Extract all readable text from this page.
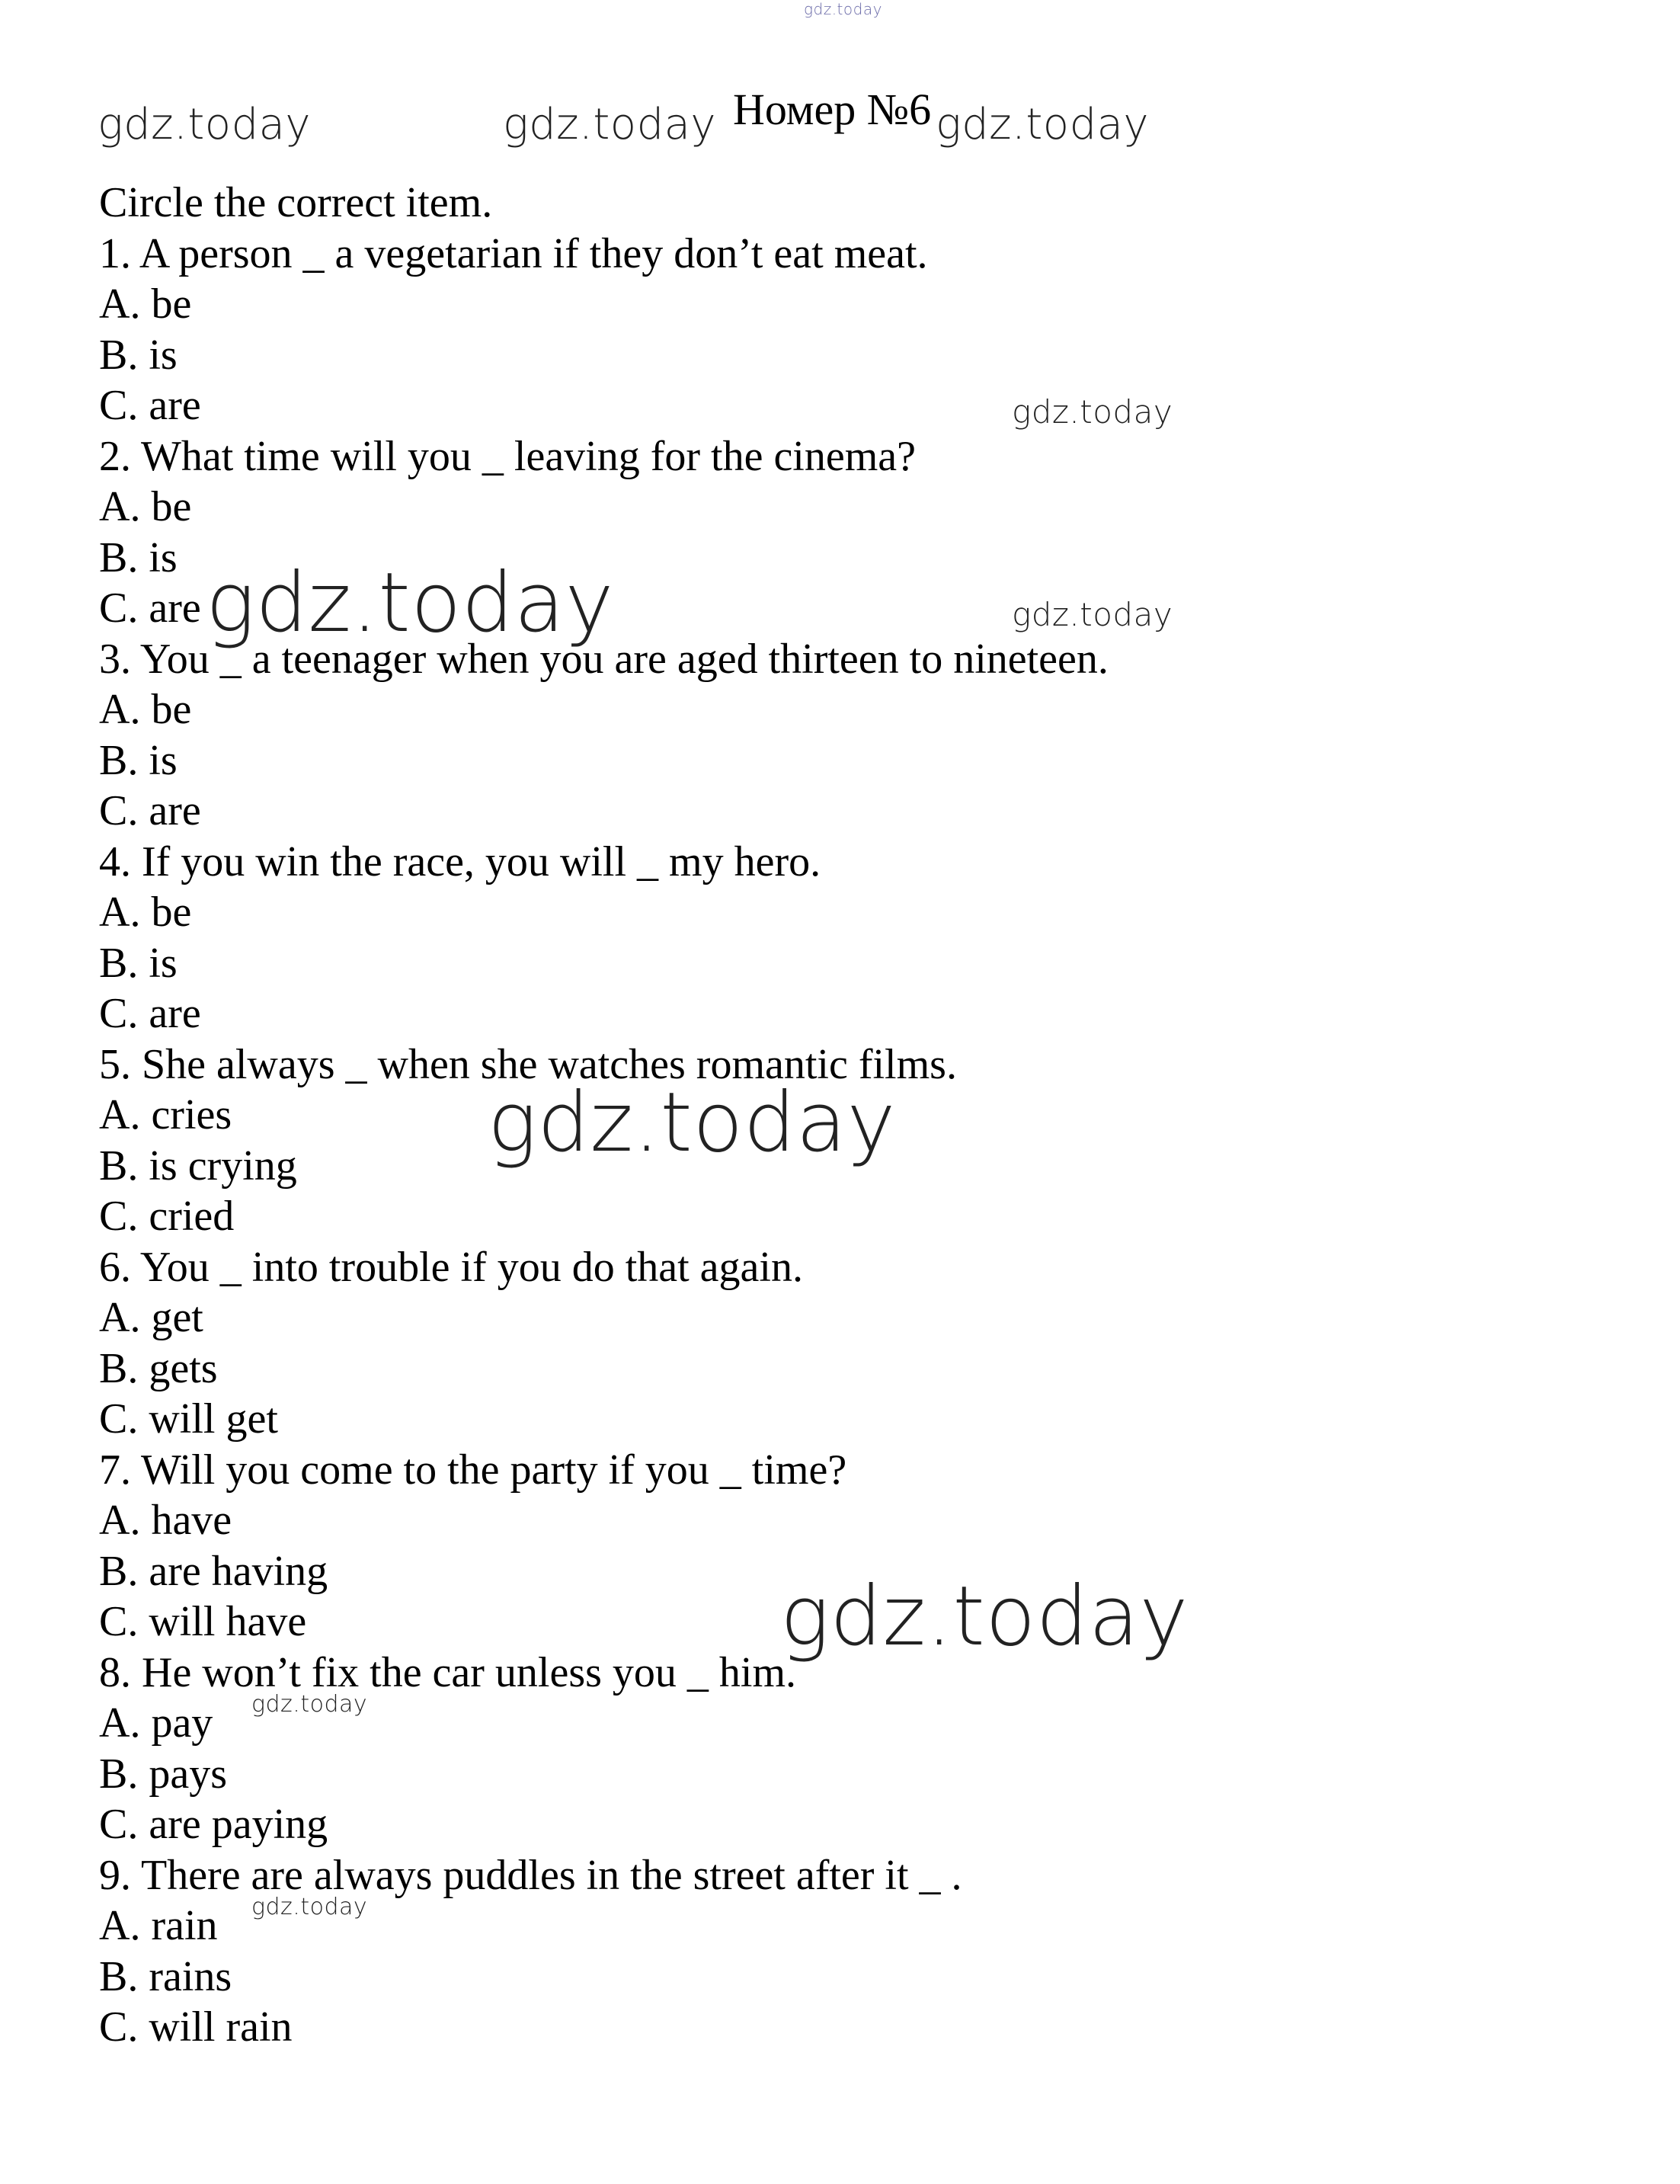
gdz.today
gdz.today	gdz.today Номер №6 gdz.today
Circle the correct item.
1. A person _ a vegetarian if they don’t eat meat.
A. be
B. is
C. are
2. What time will you _ leaving for the cinema?
A. be
B. is
C. are
3. You _ a teenager when you are aged thirteen to nineteen.
A. be
B. is
C. are
4. If you win the race, you will _ my hero.
A. be
B. is
C. are
5. She always _ when she watches romantic films.
A. cries
B. is crying
C. cried
6. You _ into trouble if you do that again.
A. get
B. gets
C. will get
7. Will you come to the party if you _ time?
A. have
B. are having
C. will have
8. He won’t fix the car unless you _ him.
A. pay
B. pays
C. are paying
9. There are always puddles in the street after it _ .
A. rain
B. rains
C. will rain
gdz.today
gdz.today
gdz.today
gdz.today
gdz.today
gdz.today
gdz.today
